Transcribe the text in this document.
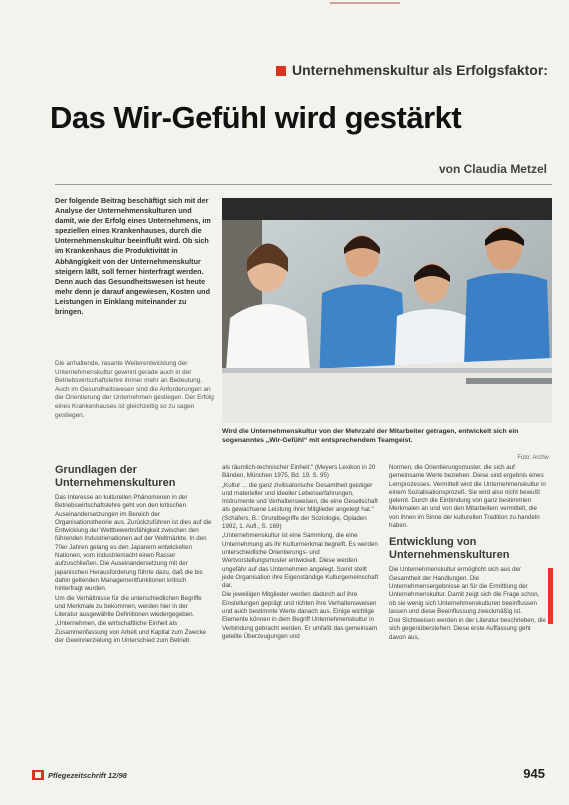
Unternehmenskultur als Erfolgsfaktor:
Das Wir-Gefühl wird gestärkt
von Claudia Metzel

Der folgende Beitrag beschäftigt sich mit der Analyse der Unternehmenskulturen und damit, wie der Erfolg eines Unternehmens, im speziellen eines Krankenhauses, durch die Unternehmenskultur beeinflußt wird. Ob sich im Krankenhaus die Produktivität in Abhängigkeit von der Unternehmenskultur steigern läßt, soll ferner hinterfragt werden. Denn auch das Gesundheitswesen ist heute mehr denn je darauf angewiesen, Kosten und Leistungen in Einklang miteinander zu bringen.

Wird die Unternehmenskultur von der Mehrzahl der Mitarbeiter getragen, entwickelt sich ein sogenanntes „Wir-Gefühl“ mit entsprechendem Teamgeist.
Foto: Archiv

Die anhaltende, rasante Weiterentwicklung der Unternehmenskultur gewinnt gerade auch in der Betriebswirtschaftslehre immer mehr an Bedeutung. Auch im Gesundheitswesen sind die Anforderungen an die Orientierung der Unternehmen gestiegen. Der Erfolg eines Krankenhauses ist gleichzeitig so zu sagen gestiegen.

Grundlagen der Unternehmenskulturen

Das Interesse an kulturellen Phänomenen in der Betriebswirtschaftslehre geht von den kritischen Auseinandersetzungen im Bereich der Organisationstheorie aus. Zurückzuführen ist dies auf die Entwicklung der Wettbewerbsfähigkeit zwischen den führenden Industrienationen auf der Weltmärkte. In den 70er Jahren gelang es den Japanern entwickelten Nationen, vom Industriemacht einen Rasser aufzuschließen. Die Auseinandersetzung mit der japanischen Herausforderung führte dazu, daß die bis dahin geltenden Managementfunktionen kritisch hinterfragt wurden.

Um die Verhältnisse für die unterschiedlichen Begriffe und Merkmale zu bekommen, werden hier in der Literatur ausgewählte Definitionen wiedergegeben.

„Unternehmen, die wirtschaftliche Einheit als Zusammenfassung von Arbeit und Kapital zum Zwecke der Gewinnerzielung im Unterschied zum Betrieb

als räumlich-technischer Einheit.“ (Meyers Lexikon in 20 Bänden, München 1975, Bd. 19, S. 95)

„Kultur ... die ganz zivilisatorische Gesamtheit geistiger und materieller und ideeller Lebenserfahrungen, Instrumente und Verhaltensweisen, die eine Gesellschaft als gewachsene Leistung ihrer Mitglieder angelegt hat.“ (Schäfers, B.: Grundbegriffe der Soziologie, Opladen 1992, 1. Aufl., S. 169)

„Unternehmenskultur ist eine Sammlung, die eine Unternehmung als ihr Kulturmerkmal begreift. Es werden unterschiedliche Orientierungs- und Wertvorstellungsmuster entwickelt. Diese werden ungefähr auf das Unternehmen angelegt. Somit stellt jede Organisation ihre Eigenständige Kulturgemeinschaft dar.

Die jeweiligen Mitglieder werden dadurch auf ihre Einstellungen geprägt und richten ihre Verhaltensweisen und auch bestimmte Werte danach aus. Einige wichtige Elemente können in dem Begriff Unternehmenskultur in Verbindung gebracht werden. Er umfaßt das gemeinsam geteilte Überzeugungen und

Normen, die Orientierungsmuster, die sich auf gemeinsame Werte beziehen. Diese sind ergebnis eines Lernprozesses. Vermittelt wird die Unternehmenskultur in einem Sozialisationsprozeß. Sie wird also nicht bewußt gelernt. Durch die Einbindung von ganz bestimmten Merkmalen an und von den Mitarbeitern vermittelt, die von ihnen im Sinne der kulturellen Tradition zu handeln haben.

Entwicklung von Unternehmenskulturen

Die Unternehmenskultur ermöglicht sich aus der Gesamtheit der Handlungen. Die Unternehmensergebnisse an für die Ermittlung der Unternehmenskultur. Damit zeigt sich die Frage schon, ob sie wenig sich Unternehmenskulturen beeinflussen lassen und diese Beeinflussung zweckmäßig ist.

Drei Sichtweisen werden in der Literatur beschrieben, die sich gegenüberstehen: Diese erste Auffassung geht davon aus,

Pflegezeitschrift 12/98	945
